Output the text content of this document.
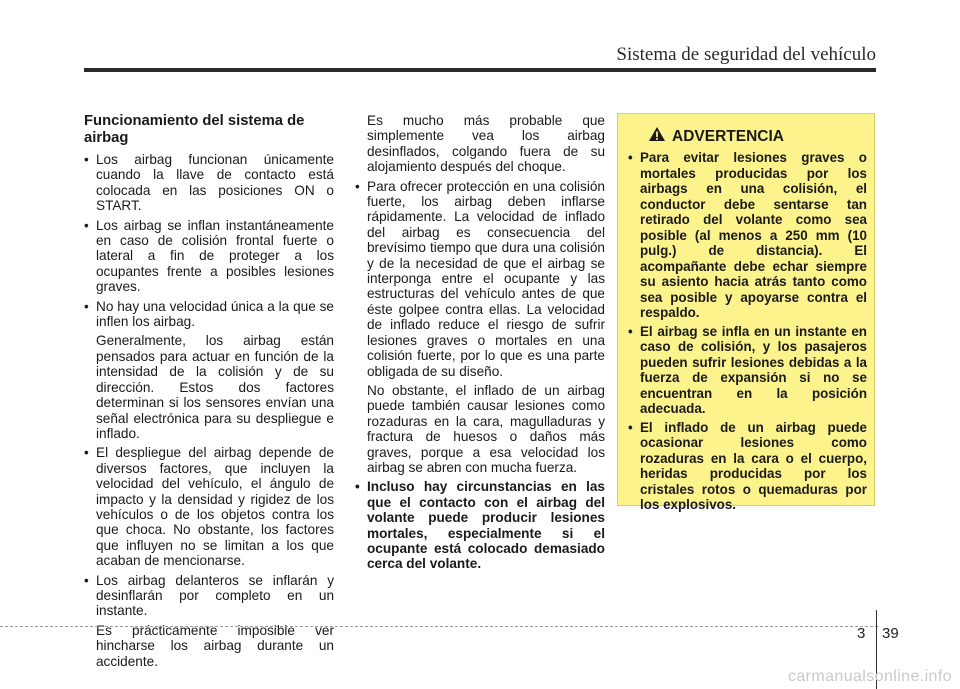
Sistema de seguridad del vehículo
Funcionamiento del sistema de airbag
• Los airbag funcionan únicamente cuando la llave de contacto está colocada en las posiciones ON o START.
• Los airbag se inflan instantáneamente en caso de colisión frontal fuerte o lateral a fin de proteger a los ocupantes frente a posibles lesiones graves.
• No hay una velocidad única a la que se inflen los airbag.
Generalmente, los airbag están pensados para actuar en función de la intensidad de la colisión y de su dirección. Estos dos factores determinan si los sensores envían una señal electrónica para su despliegue e inflado.
• El despliegue del airbag depende de diversos factores, que incluyen la velocidad del vehículo, el ángulo de impacto y la densidad y rigidez de los vehículos o de los objetos contra los que choca. No obstante, los factores que influyen no se limitan a los que acaban de mencionarse.
• Los airbag delanteros se inflarán y desinflarán por completo en un instante.
Es prácticamente imposible ver hincharse los airbag durante un accidente.
Es mucho más probable que simplemente vea los airbag desinflados, colgando fuera de su alojamiento después del choque.
• Para ofrecer protección en una colisión fuerte, los airbag deben inflarse rápidamente. La velocidad de inflado del airbag es consecuencia del brevísimo tiempo que dura una colisión y de la necesidad de que el airbag se interponga entre el ocupante y las estructuras del vehículo antes de que éste golpee contra ellas. La velocidad de inflado reduce el riesgo de sufrir lesiones graves o mortales en una colisión fuerte, por lo que es una parte obligada de su diseño.
No obstante, el inflado de un airbag puede también causar lesiones como rozaduras en la cara, magulladuras y fractura de huesos o daños más graves, porque a esa velocidad los airbag se abren con mucha fuerza.
• Incluso hay circunstancias en las que el contacto con el airbag del volante puede producir lesiones mortales, especialmente si el ocupante está colocado demasiado cerca del volante.
ADVERTENCIA
• Para evitar lesiones graves o mortales producidas por los airbags en una colisión, el conductor debe sentarse tan retirado del volante como sea posible (al menos a 250 mm (10 pulg.) de distancia). El acompañante debe echar siempre su asiento hacia atrás tanto como sea posible y apoyarse contra el respaldo.
• El airbag se infla en un instante en caso de colisión, y los pasajeros pueden sufrir lesiones debidas a la fuerza de expansión si no se encuentran en la posición adecuada.
• El inflado de un airbag puede ocasionar lesiones como rozaduras en la cara o el cuerpo, heridas producidas por los cristales rotos o quemaduras por los explosivos.
3 39
carmanualsonline.info
